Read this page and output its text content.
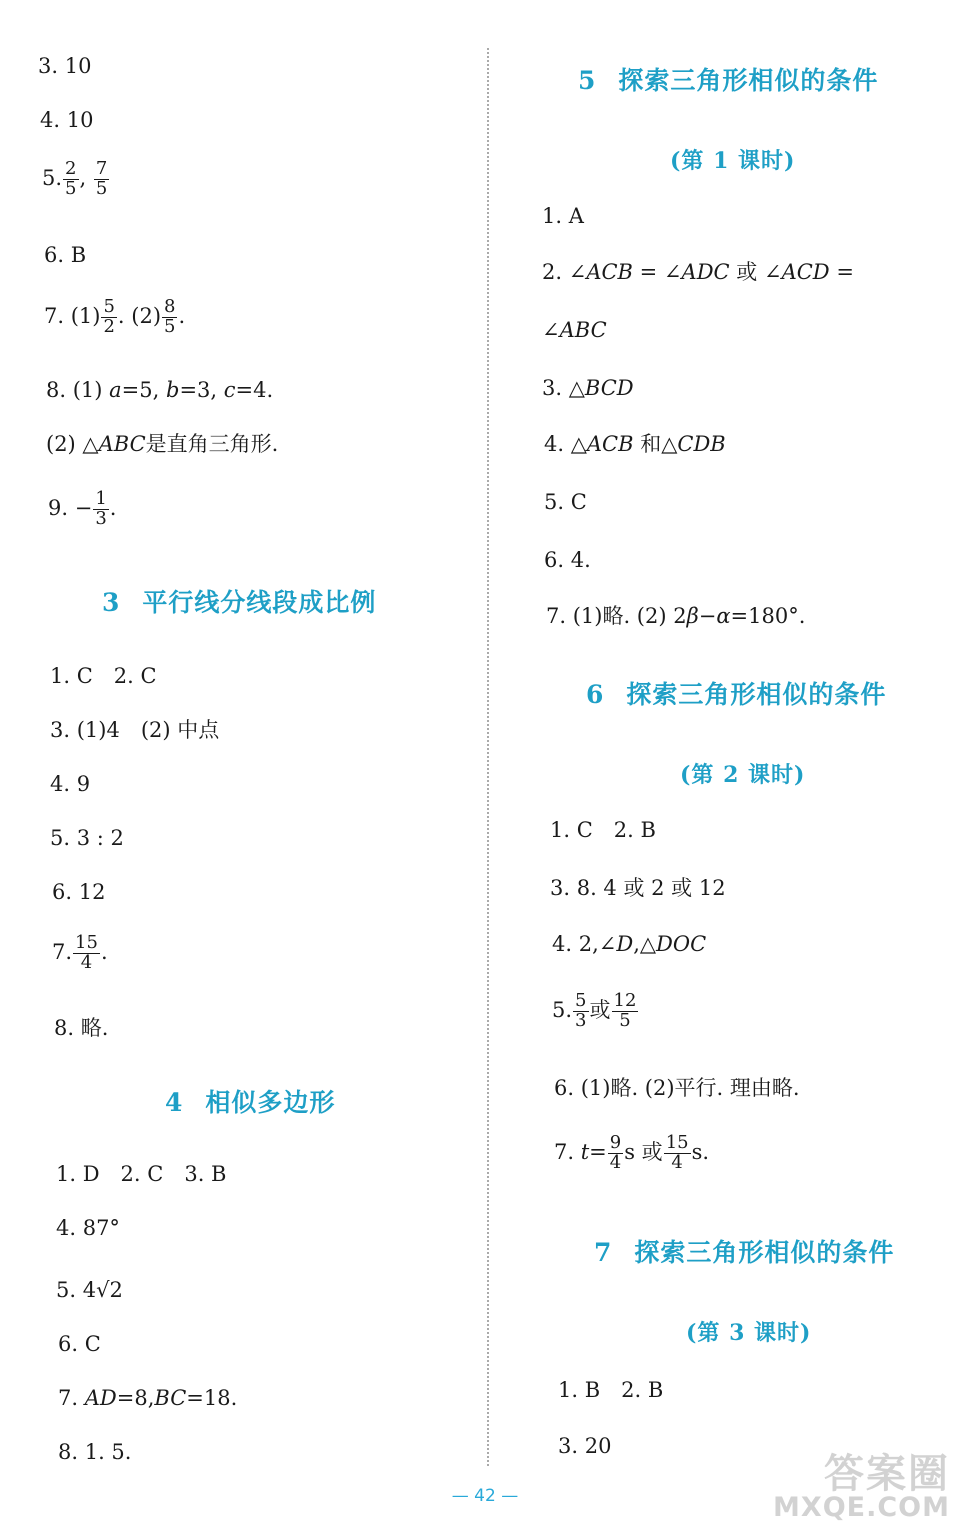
3. 10
4. 10
5. $\frac{2}{5}$ , $\frac{7}{5}$
6. B
7. $(1) \frac{5}{2}$ . $(2) \frac{8}{5}$ .
8. (1) a=5, b=3, c=4.
(2) △ABC是直角三角形.
9. − $\frac{1}{3}$ .
3 平行线分线段成比例
1. C　2. C
3. (1)4　(2) 中点
4. 9
5. 3 : 2
6. 12
7. $\frac{15}{4}$ .
8. 略.
4 相似多边形
1. D　2. C　3. B
4. 87°
5. 4√2
6. C
7. AD=8,BC=18.
8. 1. 5.
5 探索三角形相似的条件
(第 1 课时)
1. A
2. ∠ACB = ∠ADC 或 ∠ACD =
∠ABC
3. △BCD
4. △ACB 和△CDB
5. C
6. 4.
7. (1)略. (2) 2β−α=180°.
6 探索三角形相似的条件
(第 2 课时)
1. C　2. B
3. 8. 4 或 2 或 12
4. 2,∠D,△DOC
5. $\frac{5}{3}$ 或 $\frac{12}{5}$
6. (1)略. (2)平行. 理由略.
7. $t= \frac{9}{4}$ s 或 $\frac{15}{4} s$.
7 探索三角形相似的条件
(第 3 课时)
1. B　2. B
3. 20
— 42 —	答案圈
MXQE.COM
